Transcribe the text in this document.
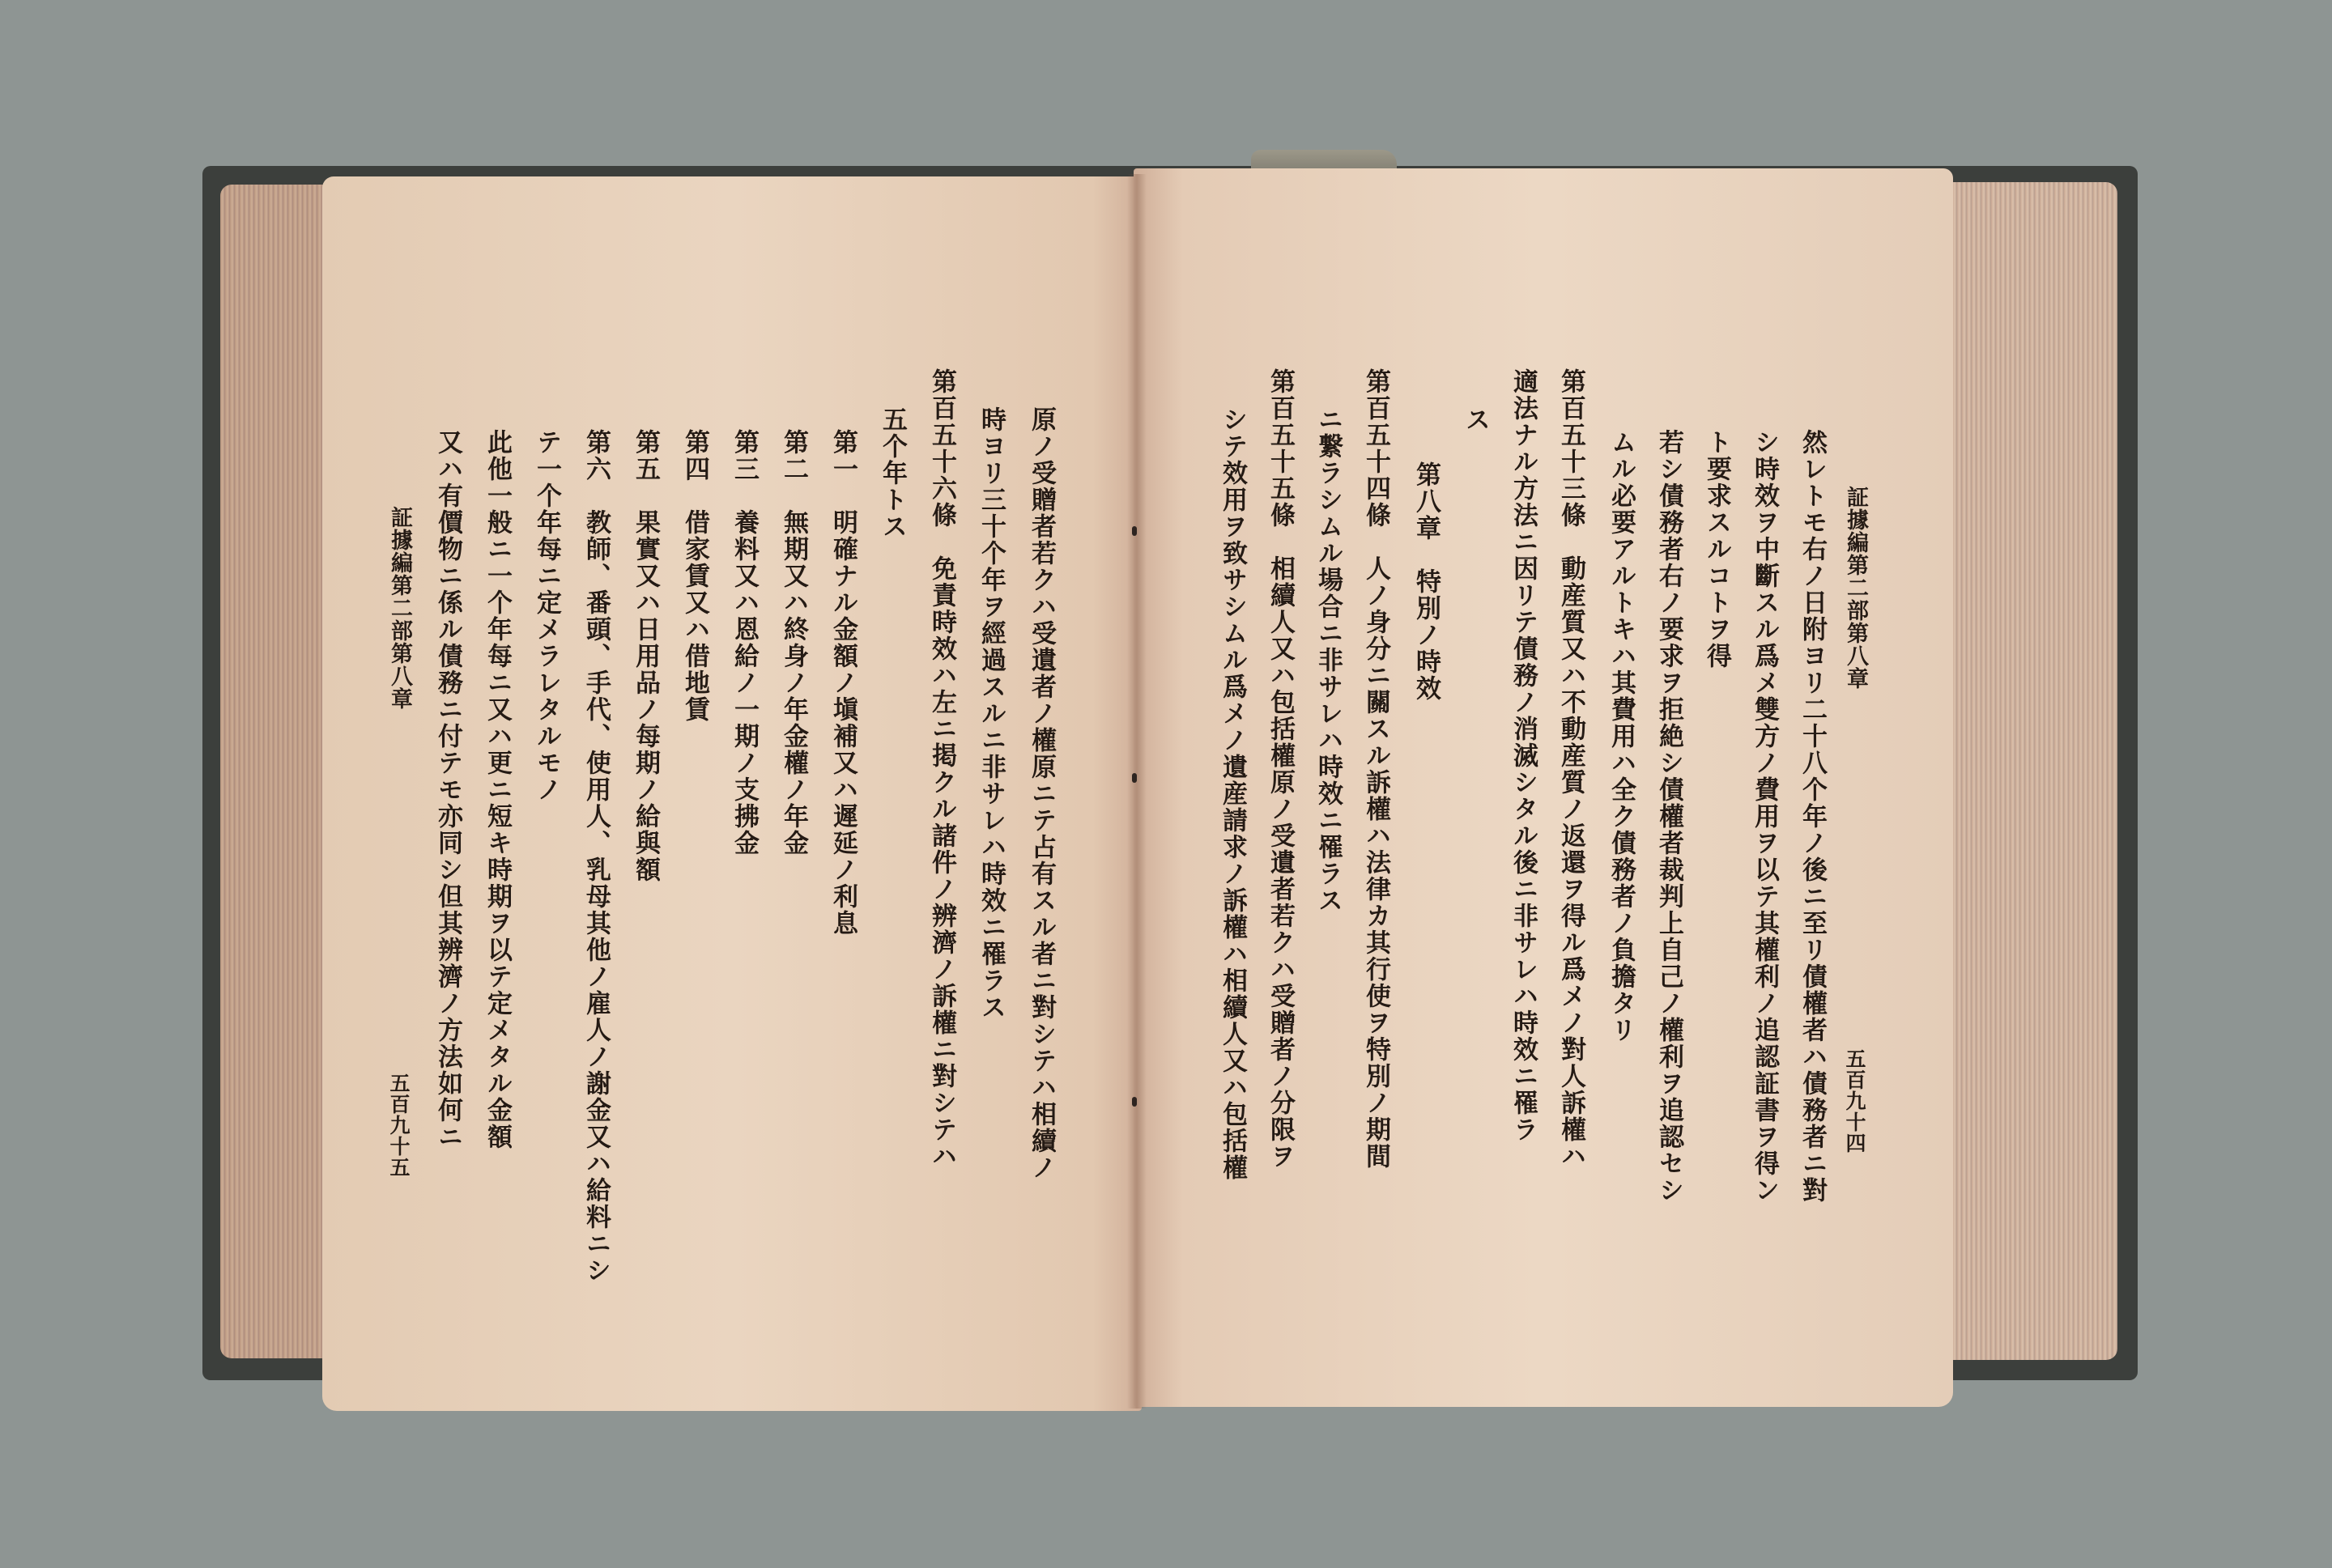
証據編第二部第八章
五百九十四
然レトモ右ノ日附ヨリ二十八个年ノ後ニ至リ債權者ハ債務者ニ對
シ時效ヲ中斷スル爲メ雙方ノ費用ヲ以テ其權利ノ追認証書ヲ得ン
ト要求スルコトヲ得
若シ債務者右ノ要求ヲ拒絶シ債權者裁判上自己ノ權利ヲ追認セシ
ムル必要アルトキハ其費用ハ全ク債務者ノ負擔タリ
第百五十三條　動産質又ハ不動産質ノ返還ヲ得ル爲メノ對人訴權ハ
適法ナル方法ニ因リテ債務ノ消滅シタル後ニ非サレハ時效ニ罹ラ
ス
第八章　特別ノ時效
第百五十四條　人ノ身分ニ關スル訴權ハ法律カ其行使ヲ特別ノ期間
ニ繋ラシムル場合ニ非サレハ時效ニ罹ラス
第百五十五條　相續人又ハ包括權原ノ受遺者若クハ受贈者ノ分限ヲ
シテ效用ヲ致サシムル爲メノ遺産請求ノ訴權ハ相續人又ハ包括權
原ノ受贈者若クハ受遺者ノ權原ニテ占有スル者ニ對シテハ相續ノ
時ヨリ三十个年ヲ經過スルニ非サレハ時效ニ罹ラス
第百五十六條　免責時效ハ左ニ掲クル諸件ノ辨濟ノ訴權ニ對シテハ
五个年トス
第一　明確ナル金額ノ塡補又ハ遲延ノ利息
第二　無期又ハ終身ノ年金權ノ年金
第三　養料又ハ恩給ノ一期ノ支拂金
第四　借家賃又ハ借地賃
第五　果實又ハ日用品ノ每期ノ給與額
第六　教師、番頭、手代、使用人、乳母其他ノ雇人ノ謝金又ハ給料ニシ
テ一个年每ニ定メラレタルモノ
此他一般ニ一个年每ニ又ハ更ニ短キ時期ヲ以テ定メタル金額
又ハ有價物ニ係ル債務ニ付テモ亦同シ但其辨濟ノ方法如何ニ
証據編第二部第八章
五百九十五
